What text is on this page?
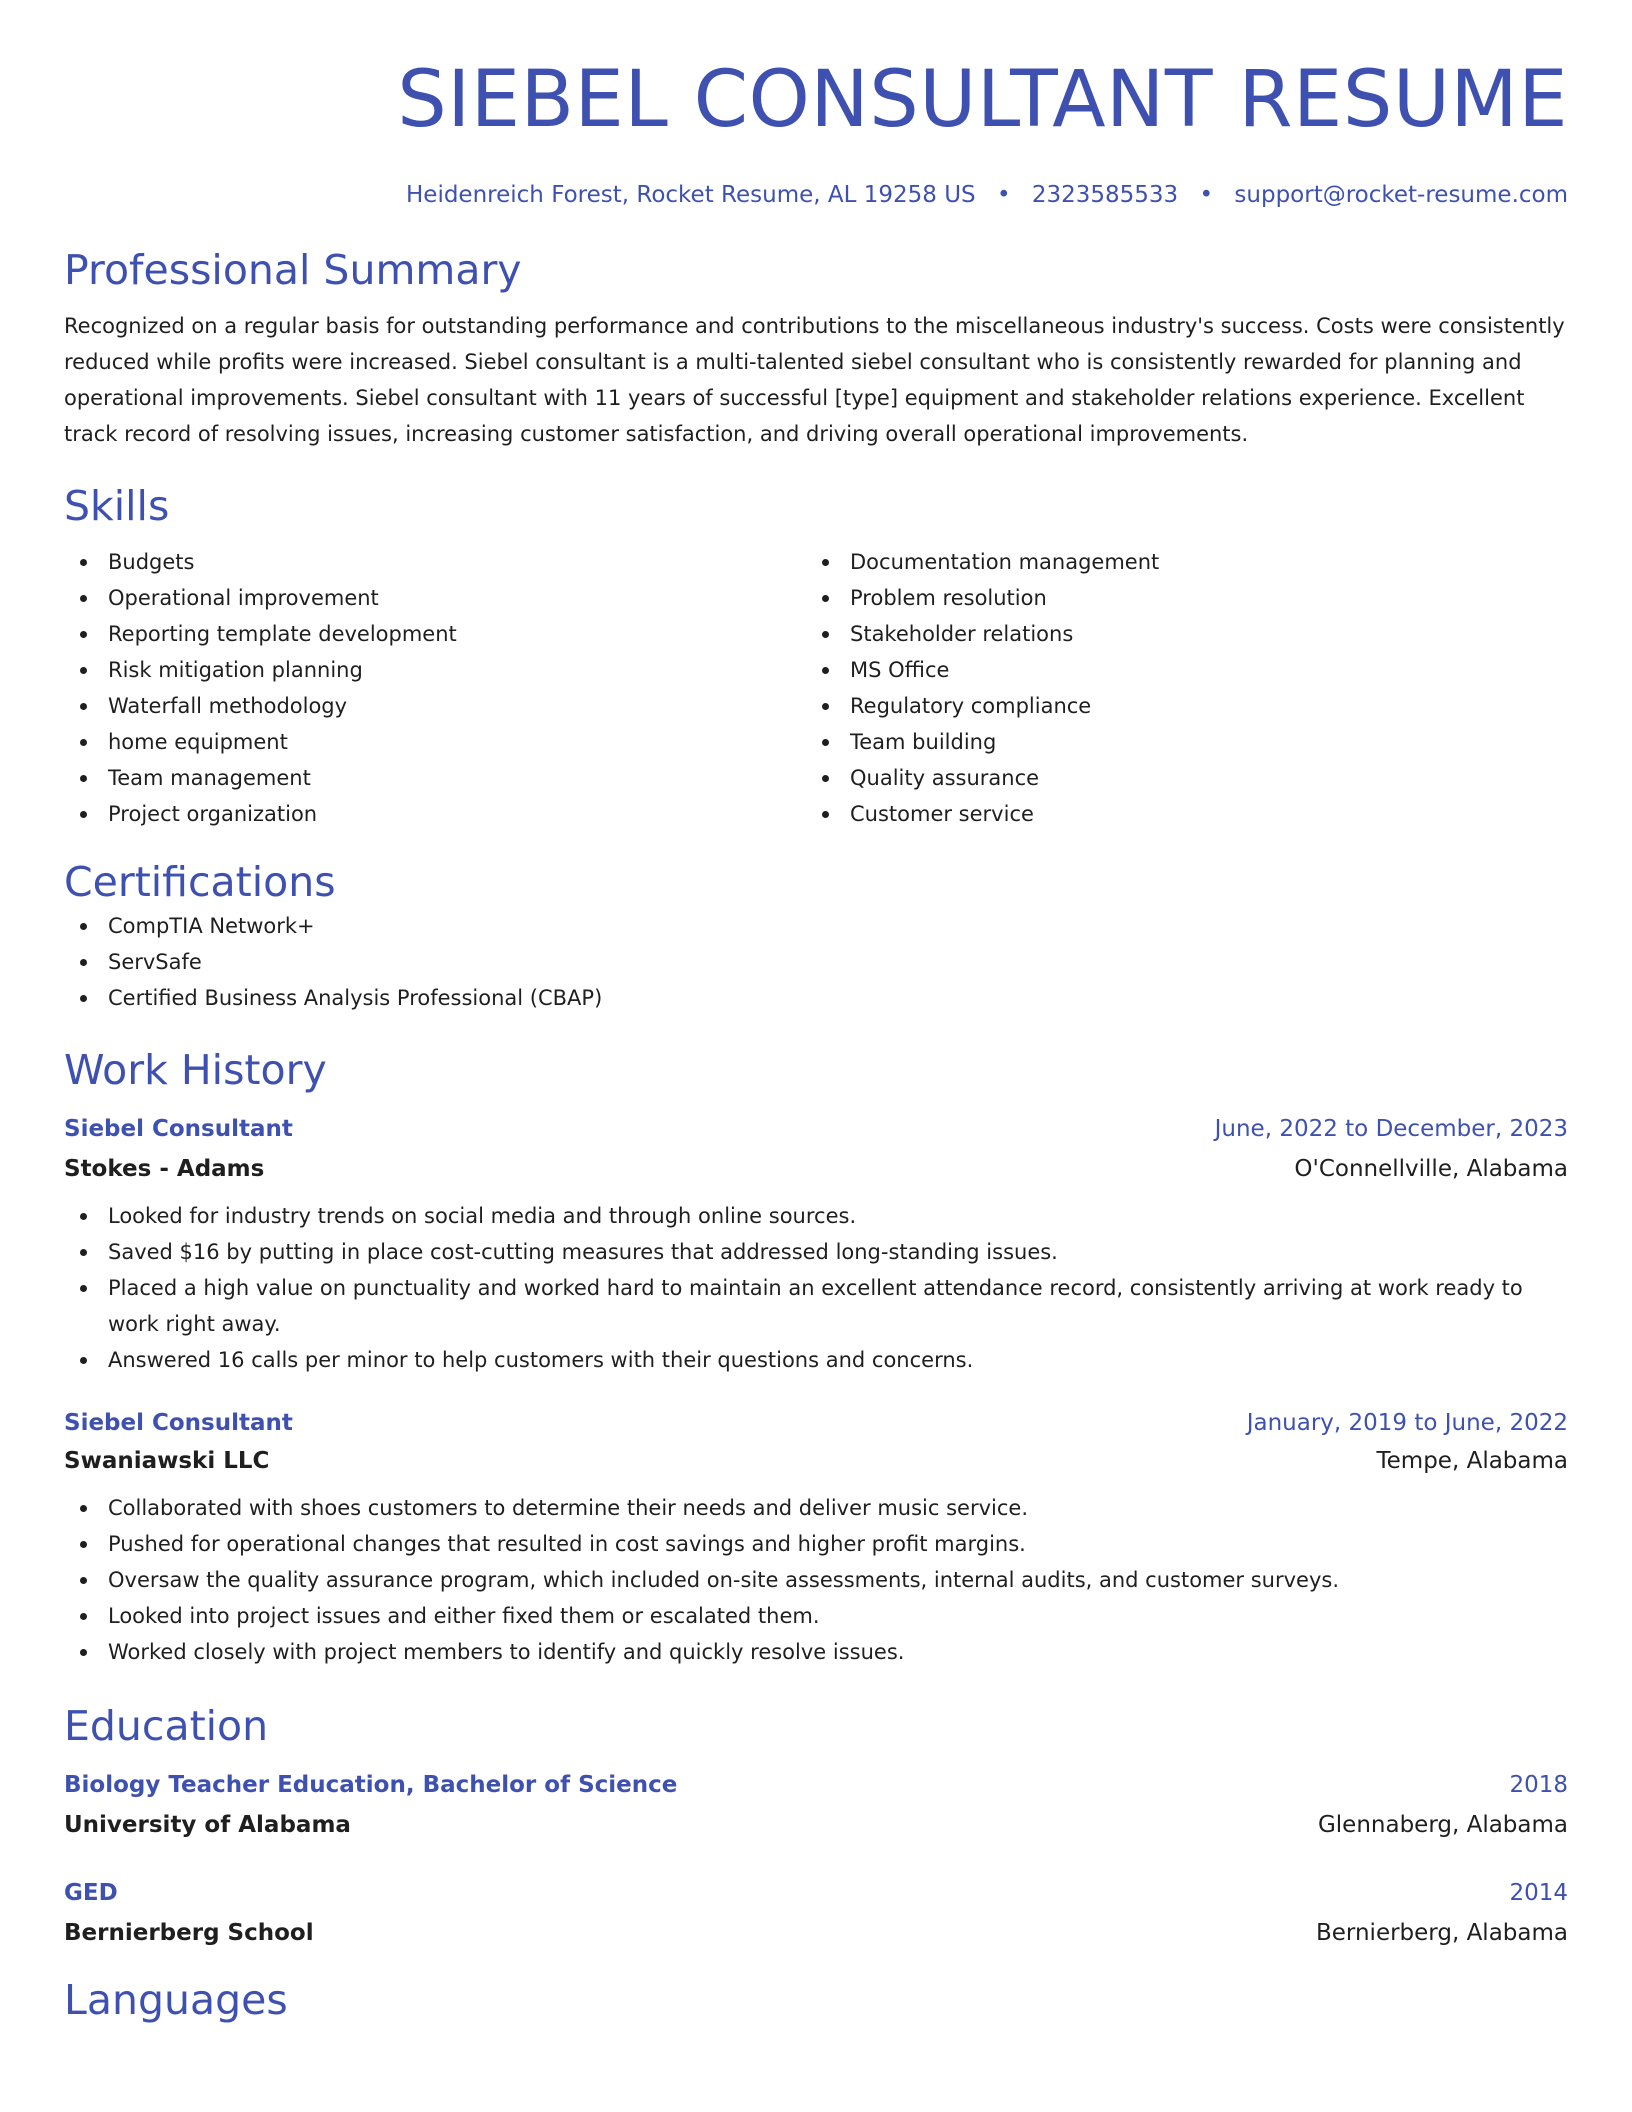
SIEBEL CONSULTANT RESUME
Heidenreich Forest, Rocket Resume, AL 19258 US • 2323585533 • support@rocket-resume.com
Professional Summary
Recognized on a regular basis for outstanding performance and contributions to the miscellaneous industry's success. Costs were consistently reduced while profits were increased. Siebel consultant is a multi-talented siebel consultant who is consistently rewarded for planning and operational improvements. Siebel consultant with 11 years of successful [type] equipment and stakeholder relations experience. Excellent track record of resolving issues, increasing customer satisfaction, and driving overall operational improvements.
Skills
Budgets
Operational improvement
Reporting template development
Risk mitigation planning
Waterfall methodology
home equipment
Team management
Project organization
Documentation management
Problem resolution
Stakeholder relations
MS Office
Regulatory compliance
Team building
Quality assurance
Customer service
Certifications
CompTIA Network+
ServSafe
Certified Business Analysis Professional (CBAP)
Work History
Siebel Consultant	June, 2022 to December, 2023
Stokes - Adams	O'Connellville, Alabama
Looked for industry trends on social media and through online sources.
Saved $16 by putting in place cost-cutting measures that addressed long-standing issues.
Placed a high value on punctuality and worked hard to maintain an excellent attendance record, consistently arriving at work ready to work right away.
Answered 16 calls per minor to help customers with their questions and concerns.
Siebel Consultant	January, 2019 to June, 2022
Swaniawski LLC	Tempe, Alabama
Collaborated with shoes customers to determine their needs and deliver music service.
Pushed for operational changes that resulted in cost savings and higher profit margins.
Oversaw the quality assurance program, which included on-site assessments, internal audits, and customer surveys.
Looked into project issues and either fixed them or escalated them.
Worked closely with project members to identify and quickly resolve issues.
Education
Biology Teacher Education, Bachelor of Science	2018
University of Alabama	Glennaberg, Alabama
GED	2014
Bernierberg School	Bernierberg, Alabama
Languages
